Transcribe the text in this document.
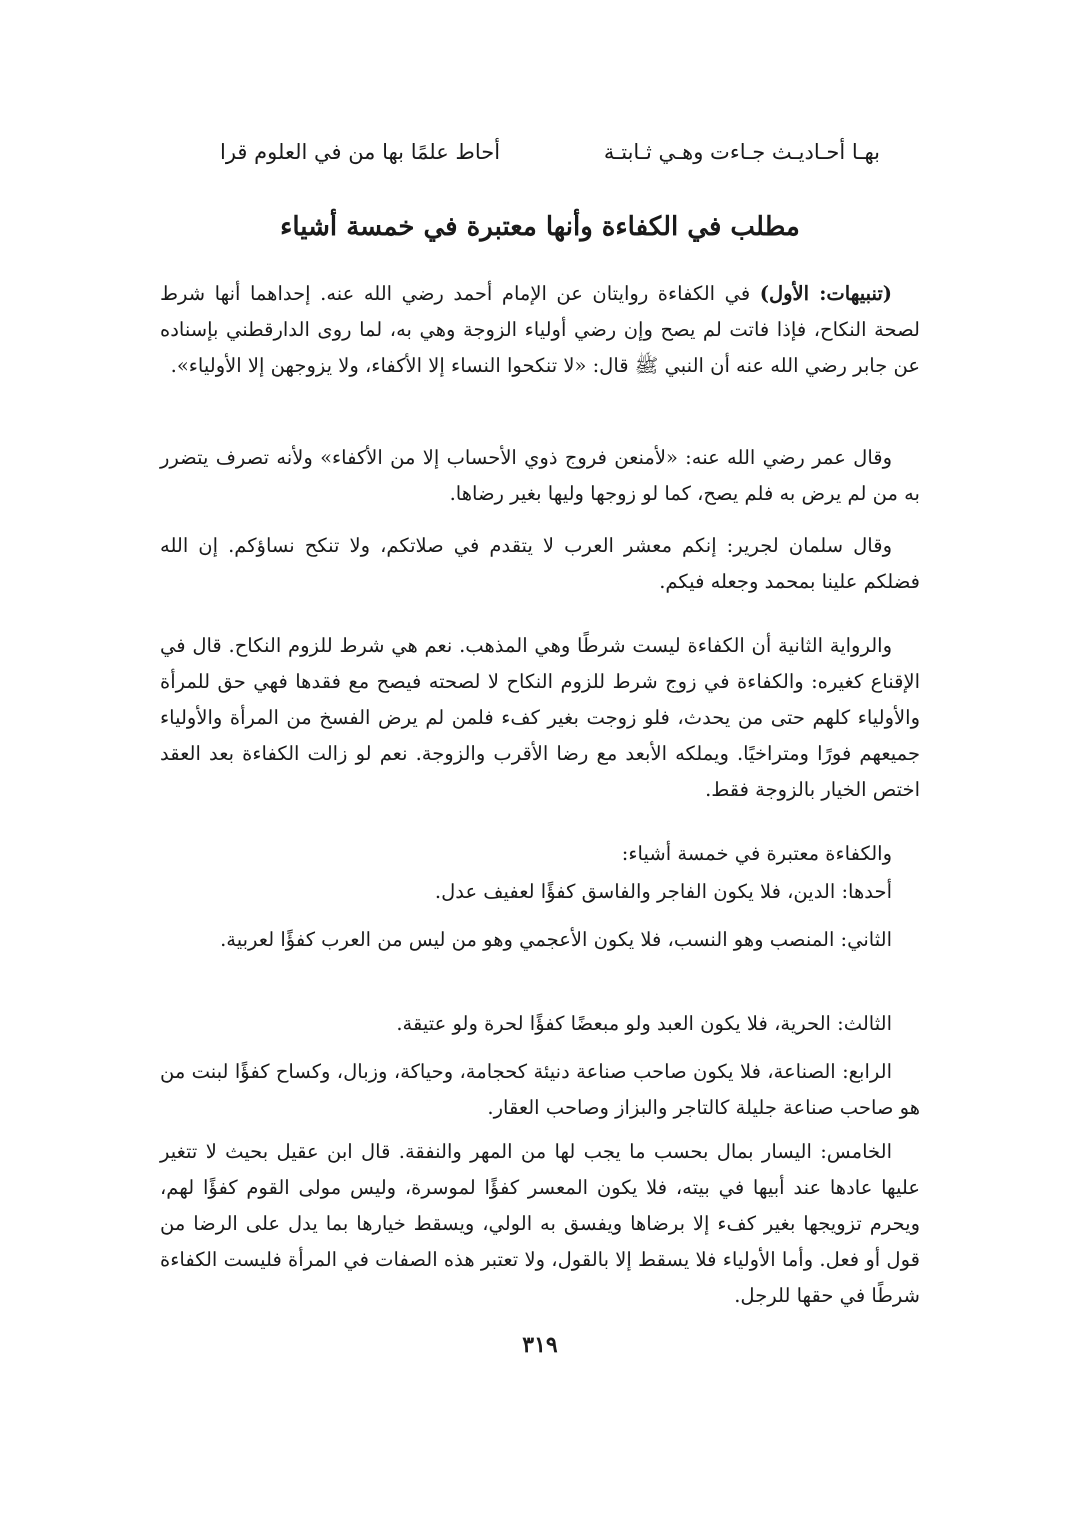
بهـا أحـاديـث جـاءت وهـي ثـابتـة
أحاط علمًا بها من في العلوم قرا
مطلب في الكفاءة وأنها معتبرة في خمسة أشياء

(تنبيهات: الأول) في الكفاءة روايتان عن الإمام أحمد رضي الله عنه. إحداهما أنها شرط لصحة النكاح، فإذا فاتت لم يصح وإن رضي أولياء الزوجة وهي به، لما روى الدارقطني بإسناده عن جابر رضي الله عنه أن النبي ﷺ قال: «لا تنكحوا النساء إلا الأكفاء، ولا يزوجهن إلا الأولياء».

وقال عمر رضي الله عنه: «لأمنعن فروج ذوي الأحساب إلا من الأكفاء» ولأنه تصرف يتضرر به من لم يرض به فلم يصح، كما لو زوجها وليها بغير رضاها.

وقال سلمان لجرير: إنكم معشر العرب لا يتقدم في صلاتكم، ولا تنكح نساؤكم. إن الله فضلكم علينا بمحمد وجعله فيكم.

والرواية الثانية أن الكفاءة ليست شرطًا وهي المذهب. نعم هي شرط للزوم النكاح. قال في الإقناع كغيره: والكفاءة في زوج شرط للزوم النكاح لا لصحته فيصح مع فقدها فهي حق للمرأة والأولياء كلهم حتى من يحدث، فلو زوجت بغير كفء فلمن لم يرض الفسخ من المرأة والأولياء جميعهم فورًا ومتراخيًا. ويملكه الأبعد مع رضا الأقرب والزوجة. نعم لو زالت الكفاءة بعد العقد اختص الخيار بالزوجة فقط.

والكفاءة معتبرة في خمسة أشياء:

أحدها: الدين، فلا يكون الفاجر والفاسق كفؤًا لعفيف عدل.

الثاني: المنصب وهو النسب، فلا يكون الأعجمي وهو من ليس من العرب كفؤًا لعربية.

الثالث: الحرية، فلا يكون العبد ولو مبعضًا كفؤًا لحرة ولو عتيقة.

الرابع: الصناعة، فلا يكون صاحب صناعة دنيئة كحجامة، وحياكة، وزبال، وكساح كفؤًا لبنت من هو صاحب صناعة جليلة كالتاجر والبزاز وصاحب العقار.

الخامس: اليسار بمال بحسب ما يجب لها من المهر والنفقة. قال ابن عقيل بحيث لا تتغير عليها عادها عند أبيها في بيته، فلا يكون المعسر كفؤًا لموسرة، وليس مولى القوم كفؤًا لهم، ويحرم تزويجها بغير كفء إلا برضاها ويفسق به الولي، ويسقط خيارها بما يدل على الرضا من قول أو فعل. وأما الأولياء فلا يسقط إلا بالقول، ولا تعتبر هذه الصفات في المرأة فليست الكفاءة شرطًا في حقها للرجل.

٣١٩
